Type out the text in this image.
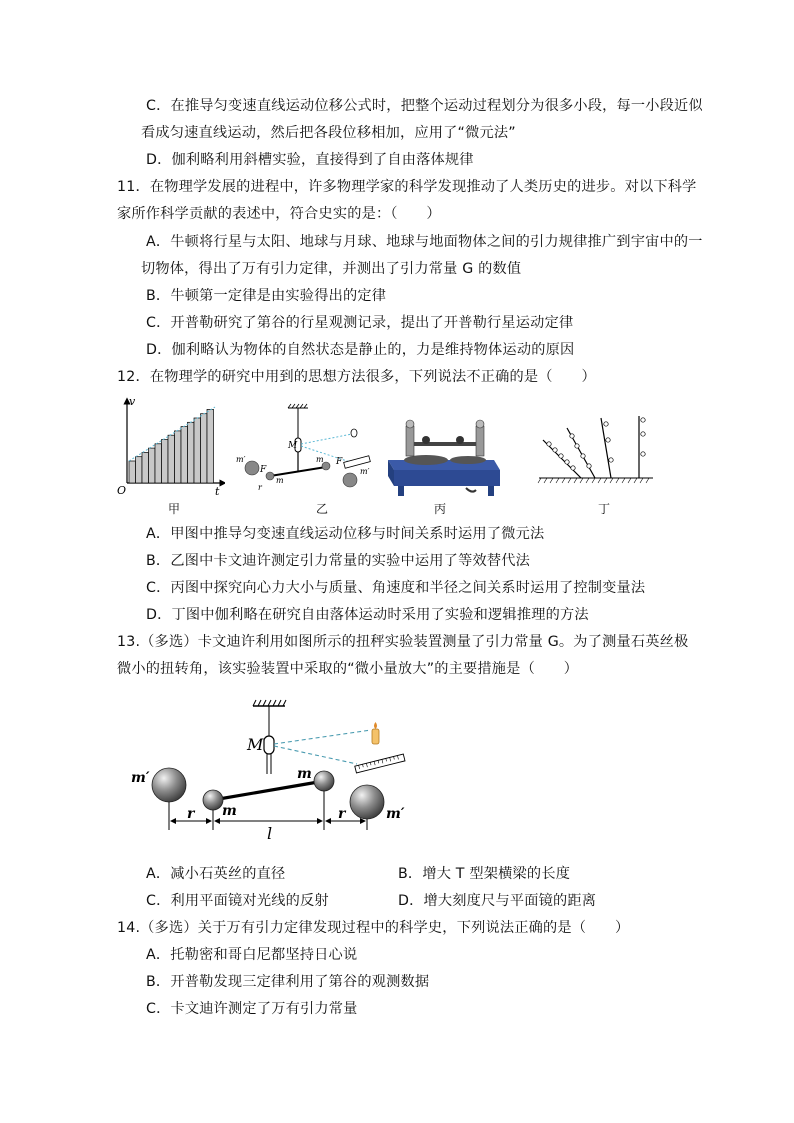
C．在推导匀变速直线运动位移公式时，把整个运动过程划分为很多小段，每一小段近似
看成匀速直线运动，然后把各段位移相加，应用了“微元法”
D．伽利略利用斜槽实验，直接得到了自由落体规律
11．在物理学发展的进程中，许多物理学家的科学发现推动了人类历史的进步。对以下科学
家所作科学贡献的表述中，符合史实的是：（　　）
A．牛顿将行星与太阳、地球与月球、地球与地面物体之间的引力规律推广到宇宙中的一
切物体，得出了万有引力定律，并测出了引力常量 G 的数值
B．牛顿第一定律是由实验得出的定律
C．开普勒研究了第谷的行星观测记录，提出了开普勒行星运动定律
D．伽利略认为物体的自然状态是静止的，力是维持物体运动的原因
12．在物理学的研究中用到的思想方法很多，下列说法不正确的是（　　）
v
t
O
甲
M
m′
F
m
r
m F
m′
乙	丙	丁
A．甲图中推导匀变速直线运动位移与时间关系时运用了微元法
B．乙图中卡文迪许测定引力常量的实验中运用了等效替代法
C．丙图中探究向心力大小与质量、角速度和半径之间关系时运用了控制变量法
D．丁图中伽利略在研究自由落体运动时采用了实验和逻辑推理的方法
13.（多选）卡文迪许利用如图所示的扭秤实验装置测量了引力常量 G。为了测量石英丝极
微小的扭转角，该实验装置中采取的“微小量放大”的主要措施是（　　）
M
m′
m
m
m′
r	r
l
A．减小石英丝的直径	B．增大 T 型架横梁的长度
C．利用平面镜对光线的反射	D．增大刻度尺与平面镜的距离
14.（多选）关于万有引力定律发现过程中的科学史，下列说法正确的是（　　）
A．托勒密和哥白尼都坚持日心说
B．开普勒发现三定律利用了第谷的观测数据
C．卡文迪许测定了万有引力常量
